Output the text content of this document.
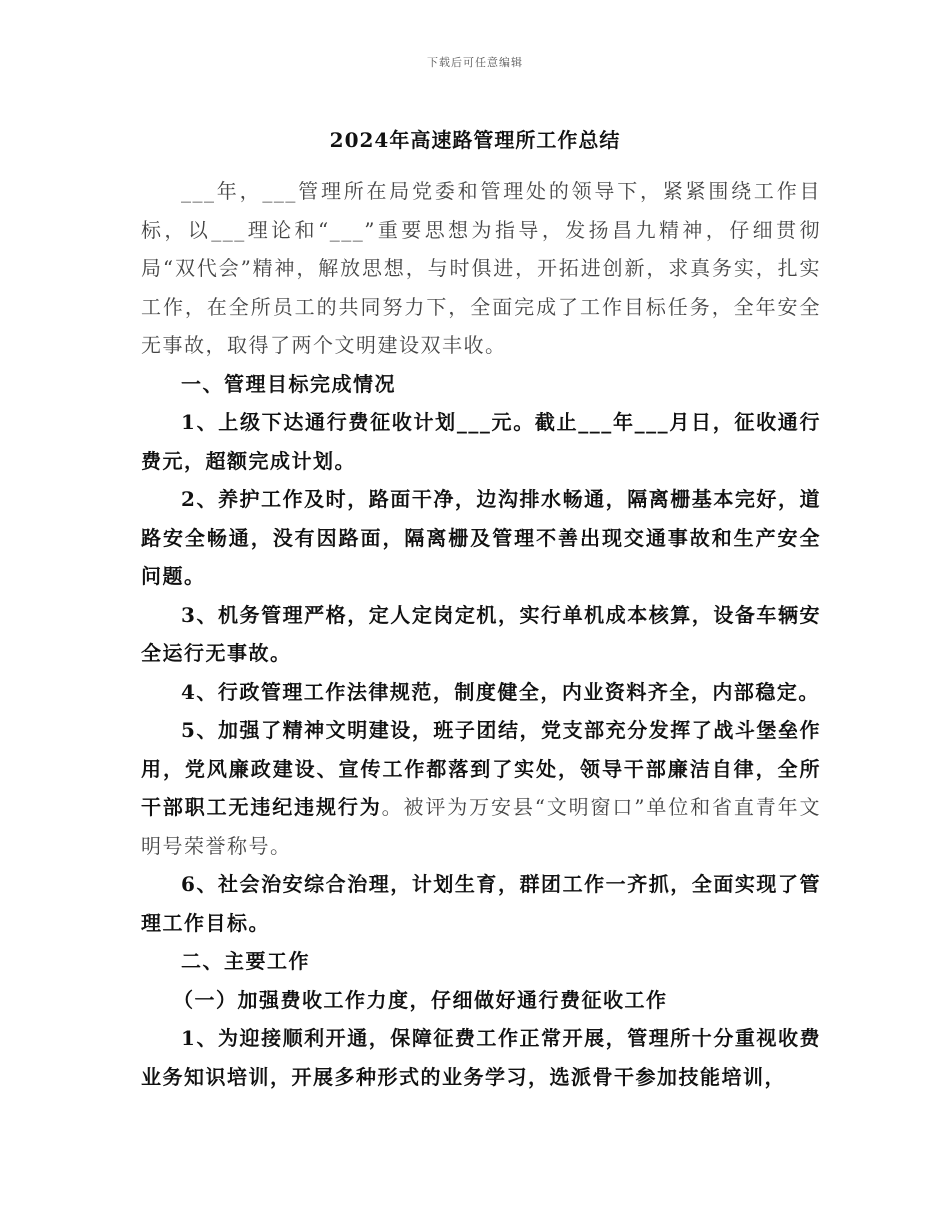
下载后可任意编辑
2024年高速路管理所工作总结

___年，___管理所在局党委和管理处的领导下，紧紧围绕工作目标，以___理论和“___”重要思想为指导，发扬昌九精神，仔细贯彻局“双代会”精神，解放思想，与时俱进，开拓进创新，求真务实，扎实工作，在全所员工的共同努力下，全面完成了工作目标任务，全年安全无事故，取得了两个文明建设双丰收。

一、管理目标完成情况

1、上级下达通行费征收计划___元。截止___年___月日，征收通行费元，超额完成计划。

2、养护工作及时，路面干净，边沟排水畅通，隔离栅基本完好，道路安全畅通，没有因路面，隔离栅及管理不善出现交通事故和生产安全问题。

3、机务管理严格，定人定岗定机，实行单机成本核算，设备车辆安全运行无事故。

4、行政管理工作法律规范，制度健全，内业资料齐全，内部稳定。

5、加强了精神文明建设，班子团结，党支部充分发挥了战斗堡垒作用，党风廉政建设、宣传工作都落到了实处，领导干部廉洁自律，全所干部职工无违纪违规行为。被评为万安县“文明窗口”单位和省直青年文明号荣誉称号。

6、社会治安综合治理，计划生育，群团工作一齐抓，全面实现了管理工作目标。

二、主要工作

（一）加强费收工作力度，仔细做好通行费征收工作

1、为迎接顺利开通，保障征费工作正常开展，管理所十分重视收费业务知识培训，开展多种形式的业务学习，选派骨干参加技能培训，
